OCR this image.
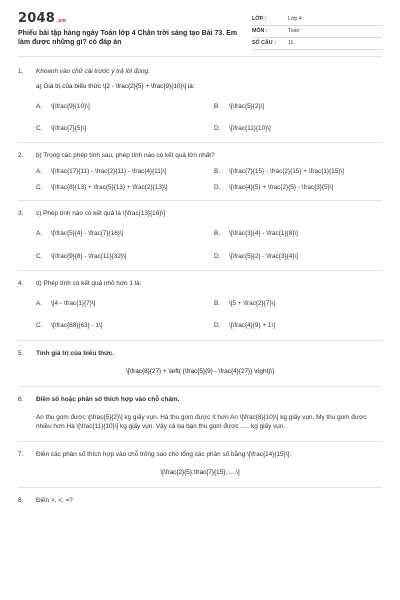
2048.vn
Phiếu bài tập hàng ngày Toán lớp 4 Chân trời sáng tạo Bài 73. Em làm được những gì? có đáp án
LỚP :	Lớp 4
MÔN :	Toán
SỐ CÂU :	11
1.	Khoanh vào chữ cái trước ý trả lời đúng.
a) Giá trị của biểu thức \[2 - \frac{2}{5} + \frac{9}{10}\] là:
A.	\[\frac{9}{10}\]	B.	\[\frac{5}{2}\]
C.	\[\frac{7}{5}\]	D.	\[\frac{11}{10}\]
2.	b) Trong các phép tính sau, phép tính nào có kết quả lớn nhất?
A.	\[\frac{17}{11} - \frac{2}{11} - \frac{4}{11}\]	B.	\[\frac{7}{15} - \frac{2}{15} + \frac{1}{15}\]
C.	\[\frac{8}{13} + \frac{5}{13} + \frac{2}{13}\]	D.	\[\frac{4}{5} + \frac{2}{5} - \frac{3}{5}\]
3.	c) Phép tính nào có kết quả là \[\frac{13}{16}\]
A.	\[\frac{5}{4} - \frac{7}{16}\]	B.	\[\frac{3}{4} - \frac{1}{8}\]
C.	\[\frac{9}{8} - \frac{11}{32}\]	D.	\[\frac{5}{2} - \frac{3}{4}\]
4.	d) Phép tính có kết quả nhỏ hơn 1 là:
A.	\[4 - \frac{1}{7}\]	B.	\[5 + \frac{2}{7}\]
C.	\[\frac{68}{63} - 1\]	D.	\[\frac{4}{9} + 1\]
5.	Tính giá trị của biểu thức.
\[\frac{8}{27} + \left( {\frac{5}{9} - \frac{4}{27}} \right)\]
6.	Điền số hoặc phân số thích hợp vào chỗ chấm.
An thu gom được \[\frac{5}{2}\] kg giấy vụn. Hà thu gom được ít hơn An \[\frac{8}{10}\] kg giấy vụn. My thu gom được nhiều hơn Hà \[\frac{11}{10}\] kg giấy vụn. Vậy cả ba bạn thu gom được ..... kg giấy vụn.
7.	Điền các phân số thích hợp vào chỗ trống sao cho tổng các phân số bằng \[\frac{14}{15}\]:
\[\frac{2}{5};\frac{7}{15}; ....\]
8.	Điền >, <, =?
